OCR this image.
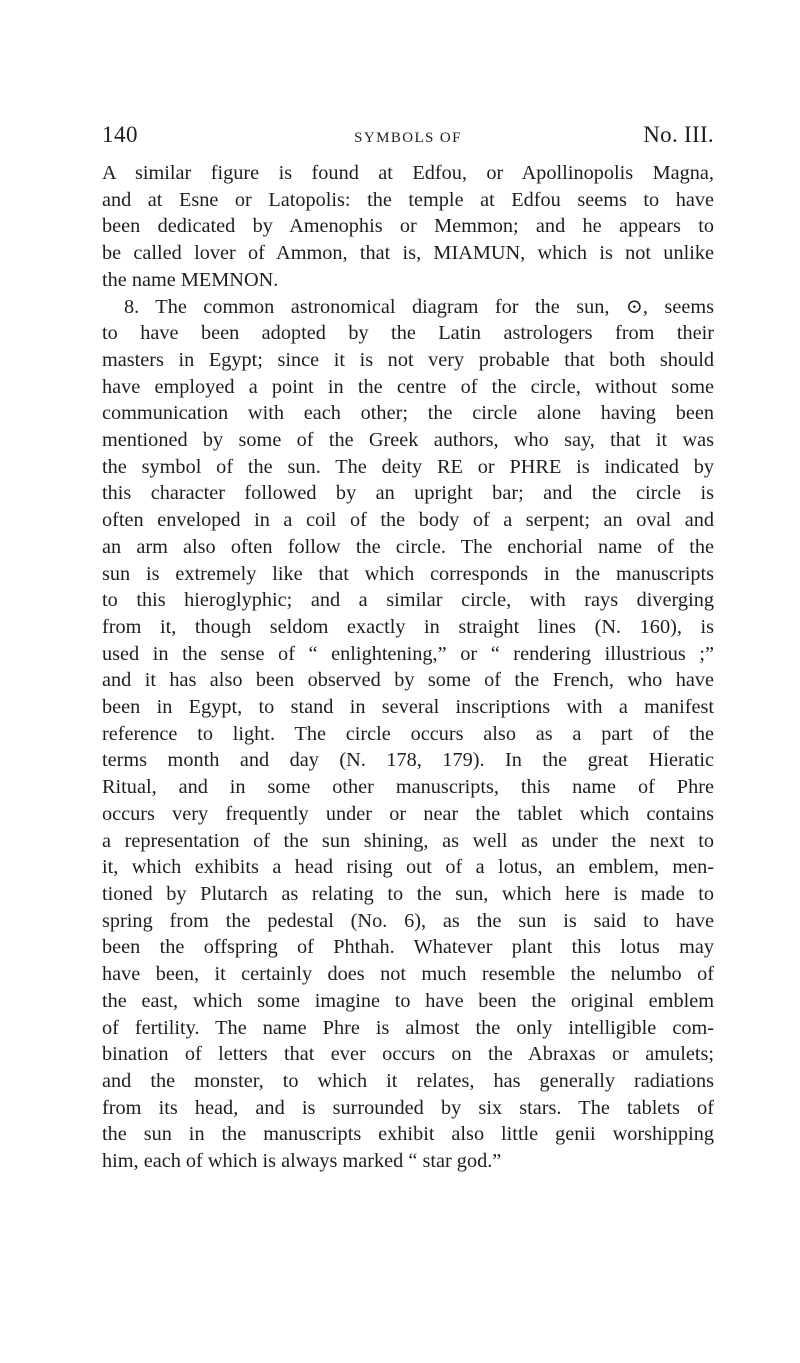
140	SYMBOLS OF	No. III.
A similar figure is found at Edfou, or Apollinopolis Magna,
and at Esne or Latopolis: the temple at Edfou seems to have
been dedicated by Amenophis or Memmon; and he appears to
be called lover of Ammon, that is, MIAMUN, which is not unlike
the name MEMNON.
8. The common astronomical diagram for the sun, ⊙, seems
to have been adopted by the Latin astrologers from their
masters in Egypt; since it is not very probable that both should
have employed a point in the centre of the circle, without some
communication with each other; the circle alone having been
mentioned by some of the Greek authors, who say, that it was
the symbol of the sun. The deity RE or PHRE is indicated by
this character followed by an upright bar; and the circle is
often enveloped in a coil of the body of a serpent; an oval and
an arm also often follow the circle. The enchorial name of the
sun is extremely like that which corresponds in the manuscripts
to this hieroglyphic; and a similar circle, with rays diverging
from it, though seldom exactly in straight lines (N. 160), is
used in the sense of “ enlightening,” or “ rendering illustrious ;”
and it has also been observed by some of the French, who have
been in Egypt, to stand in several inscriptions with a manifest
reference to light. The circle occurs also as a part of the
terms month and day (N. 178, 179). In the great Hieratic
Ritual, and in some other manuscripts, this name of Phre
occurs very frequently under or near the tablet which contains
a representation of the sun shining, as well as under the next to
it, which exhibits a head rising out of a lotus, an emblem, men-
tioned by Plutarch as relating to the sun, which here is made to
spring from the pedestal (No. 6), as the sun is said to have
been the offspring of Phthah. Whatever plant this lotus may
have been, it certainly does not much resemble the nelumbo of
the east, which some imagine to have been the original emblem
of fertility. The name Phre is almost the only intelligible com-
bination of letters that ever occurs on the Abraxas or amulets;
and the monster, to which it relates, has generally radiations
from its head, and is surrounded by six stars. The tablets of
the sun in the manuscripts exhibit also little genii worshipping
him, each of which is always marked “ star god.”
